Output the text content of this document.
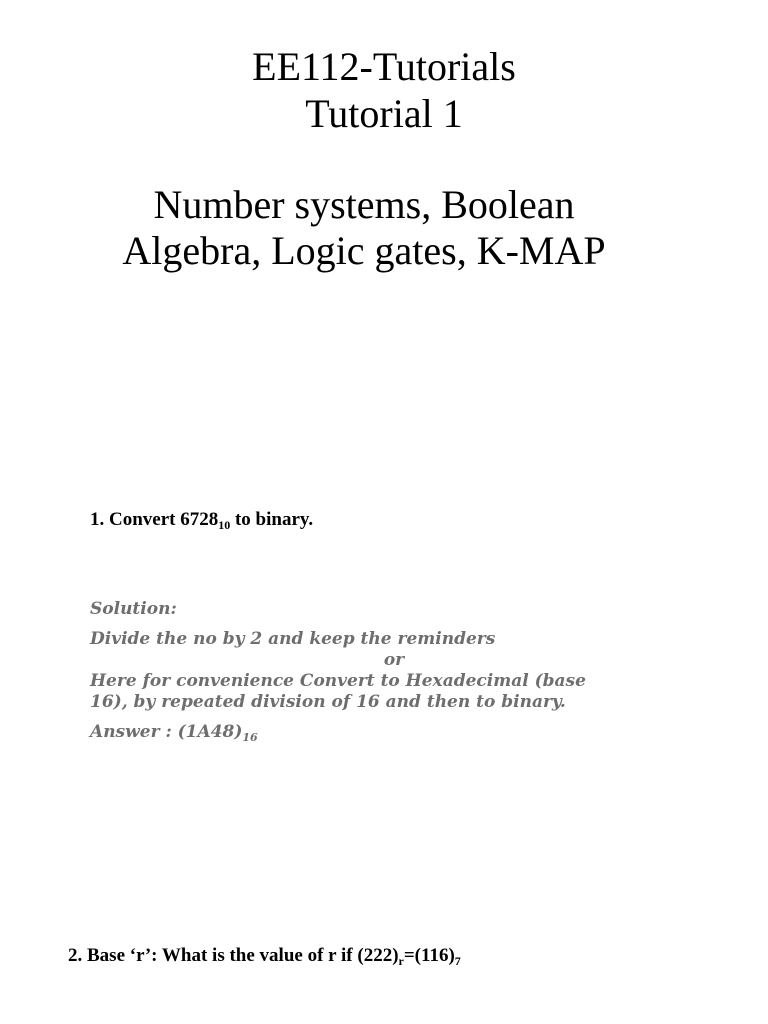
EE112-Tutorials
Tutorial 1
Number systems, Boolean Algebra, Logic gates, K-MAP
1. Convert $6728_{10}$ to binary.
Solution:
Divide the no by 2 and keep the reminders
or
Here for convenience Convert to Hexadecimal (base
16), by repeated division of 16 and then to binary.
Answer : $(1A48)_{16}$
2. Base ‘r’: What is the value of r if $(222)_r=(116)_7$
